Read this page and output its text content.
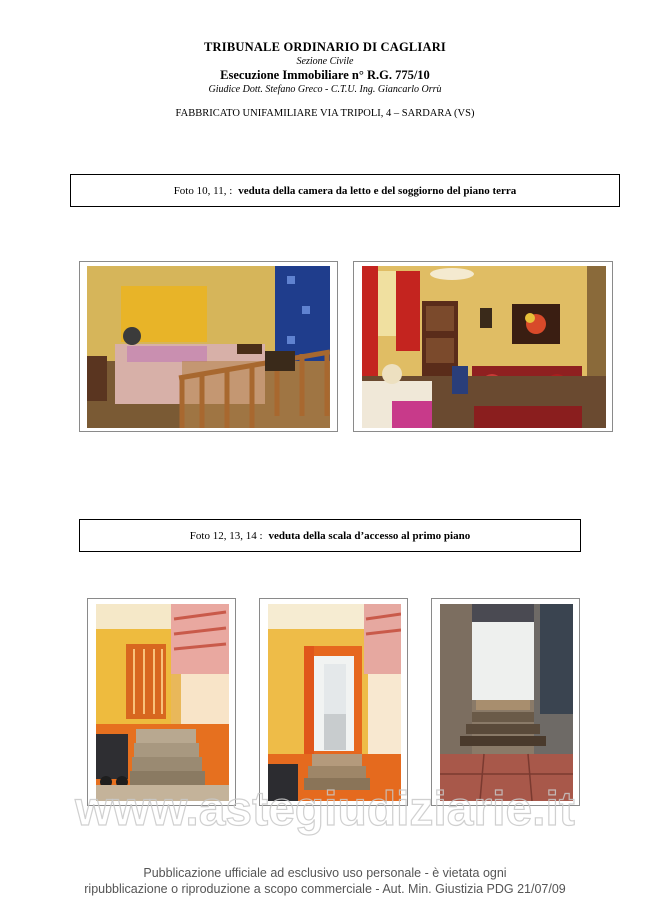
TRIBUNALE ORDINARIO DI CAGLIARI
Sezione Civile
Esecuzione Immobiliare n° R.G. 775/10
Giudice Dott. Stefano Greco - C.T.U. Ing. Giancarlo Orrù
FABBRICATO UNIFAMILIARE VIA TRIPOLI, 4 – SARDARA (VS)
Foto 10, 11, : veduta della camera da letto e del soggiorno del piano terra
Foto 12, 13, 14 : veduta della scala d’accesso al primo piano
www.astegiudiziarie.it
Pubblicazione ufficiale ad esclusivo uso personale - è vietata ogni
ripubblicazione o riproduzione a scopo commerciale - Aut. Min. Giustizia PDG 21/07/09
